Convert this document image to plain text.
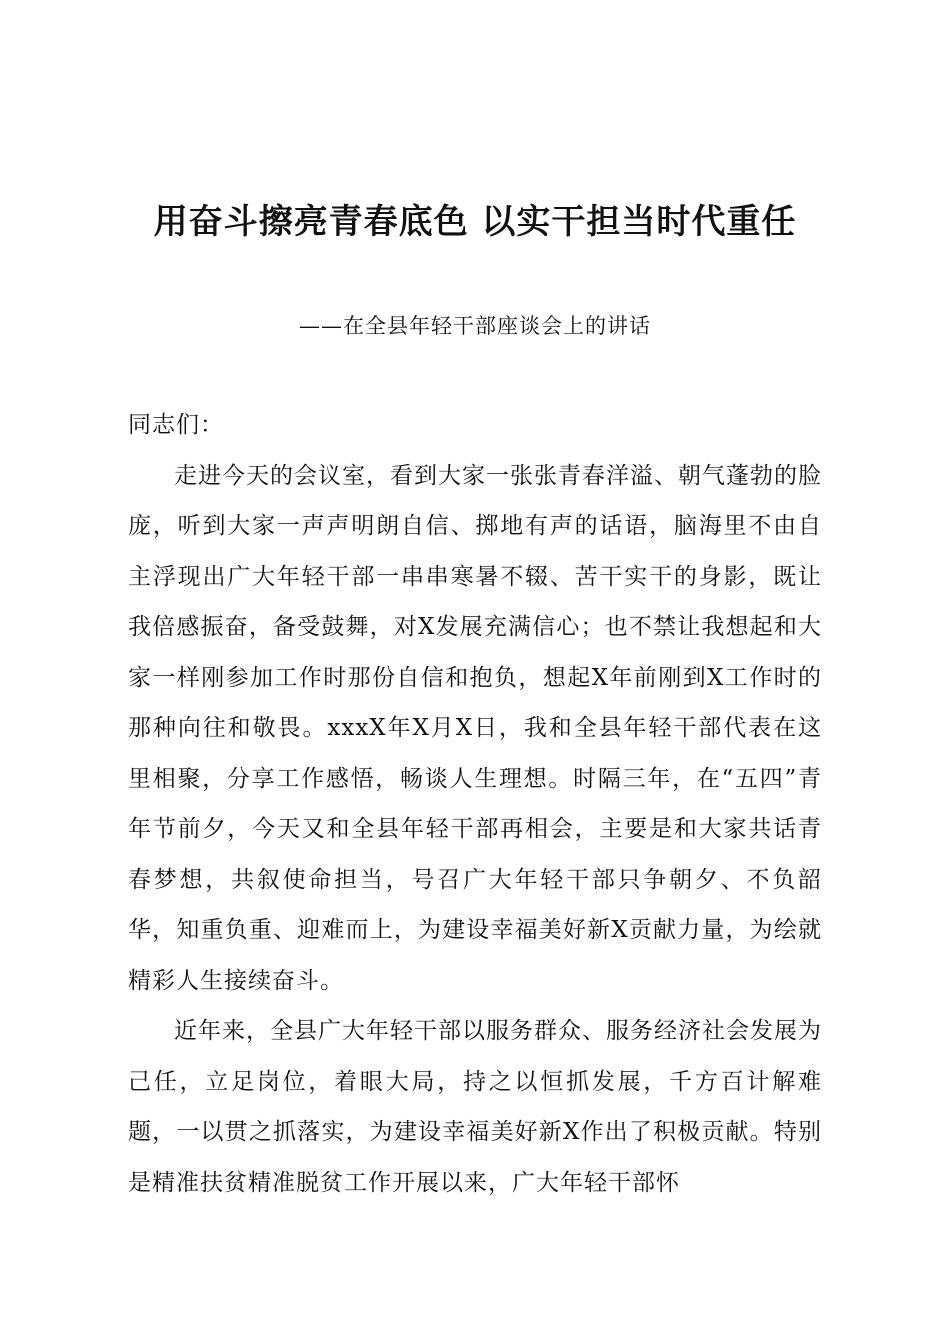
用奋斗擦亮青春底色 以实干担当时代重任
——在全县年轻干部座谈会上的讲话

同志们：

走进今天的会议室，看到大家一张张青春洋溢、朝气蓬勃的脸庞，听到大家一声声明朗自信、掷地有声的话语，脑海里不由自主浮现出广大年轻干部一串串寒暑不辍、苦干实干的身影，既让我倍感振奋，备受鼓舞，对X发展充满信心；也不禁让我想起和大家一样刚参加工作时那份自信和抱负，想起X年前刚到X工作时的那种向往和敬畏。xxxX年X月X日，我和全县年轻干部代表在这里相聚，分享工作感悟，畅谈人生理想。时隔三年，在“五四”青年节前夕，今天又和全县年轻干部再相会，主要是和大家共话青春梦想，共叙使命担当，号召广大年轻干部只争朝夕、不负韶华，知重负重、迎难而上，为建设幸福美好新X贡献力量，为绘就精彩人生接续奋斗。

近年来，全县广大年轻干部以服务群众、服务经济社会发展为己任，立足岗位，着眼大局，持之以恒抓发展，千方百计解难题，一以贯之抓落实，为建设幸福美好新X作出了积极贡献。特别是精准扶贫精准脱贫工作开展以来，广大年轻干部怀
